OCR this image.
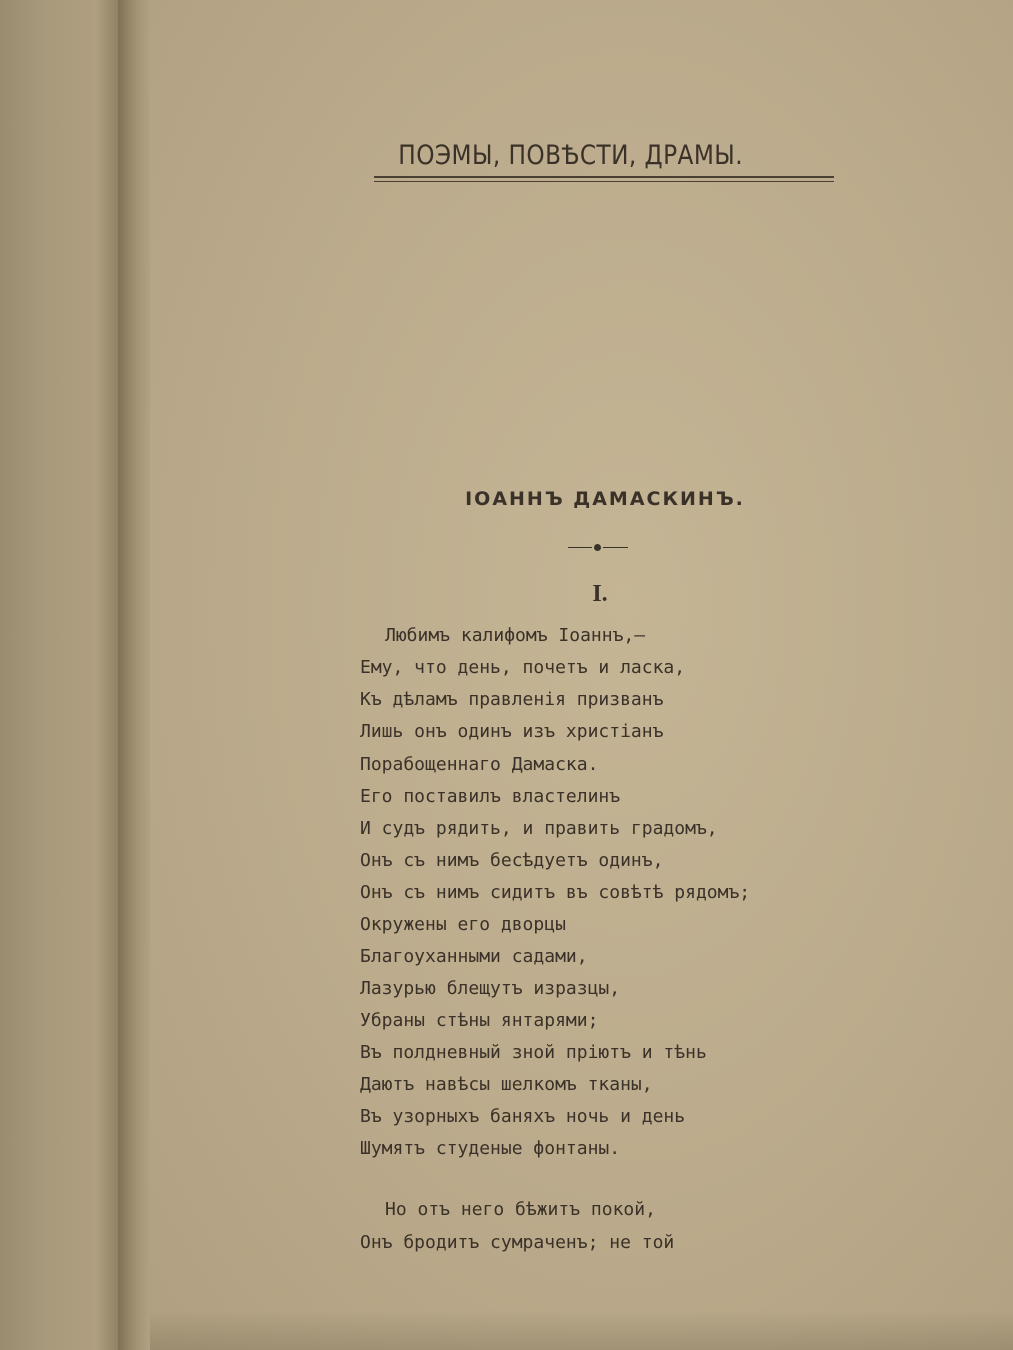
ПОЭМЫ, ПОВѢСТИ, ДРАМЫ.
ІОАННЪ ДАМАСКИНЪ.
I.
Любимъ калифомъ Іоаннъ,—
Ему, что день, почетъ и ласка,
Къ дѣламъ правленія призванъ
Лишь онъ одинъ изъ христіанъ
Порабощеннаго Дамаска.
Его поставилъ властелинъ
И судъ рядить, и править градомъ,
Онъ съ нимъ бесѣдуетъ одинъ,
Онъ съ нимъ сидитъ въ совѣтѣ рядомъ;
Окружены его дворцы
Благоуханными садами,
Лазурью блещутъ изразцы,
Убраны стѣны янтарями;
Въ полдневный зной пріютъ и тѣнь
Даютъ навѣсы шелкомъ тканы,
Въ узорныхъ баняхъ ночь и день
Шумятъ студеные фонтаны.
Но отъ него бѣжитъ покой,
Онъ бродитъ сумраченъ; не той
